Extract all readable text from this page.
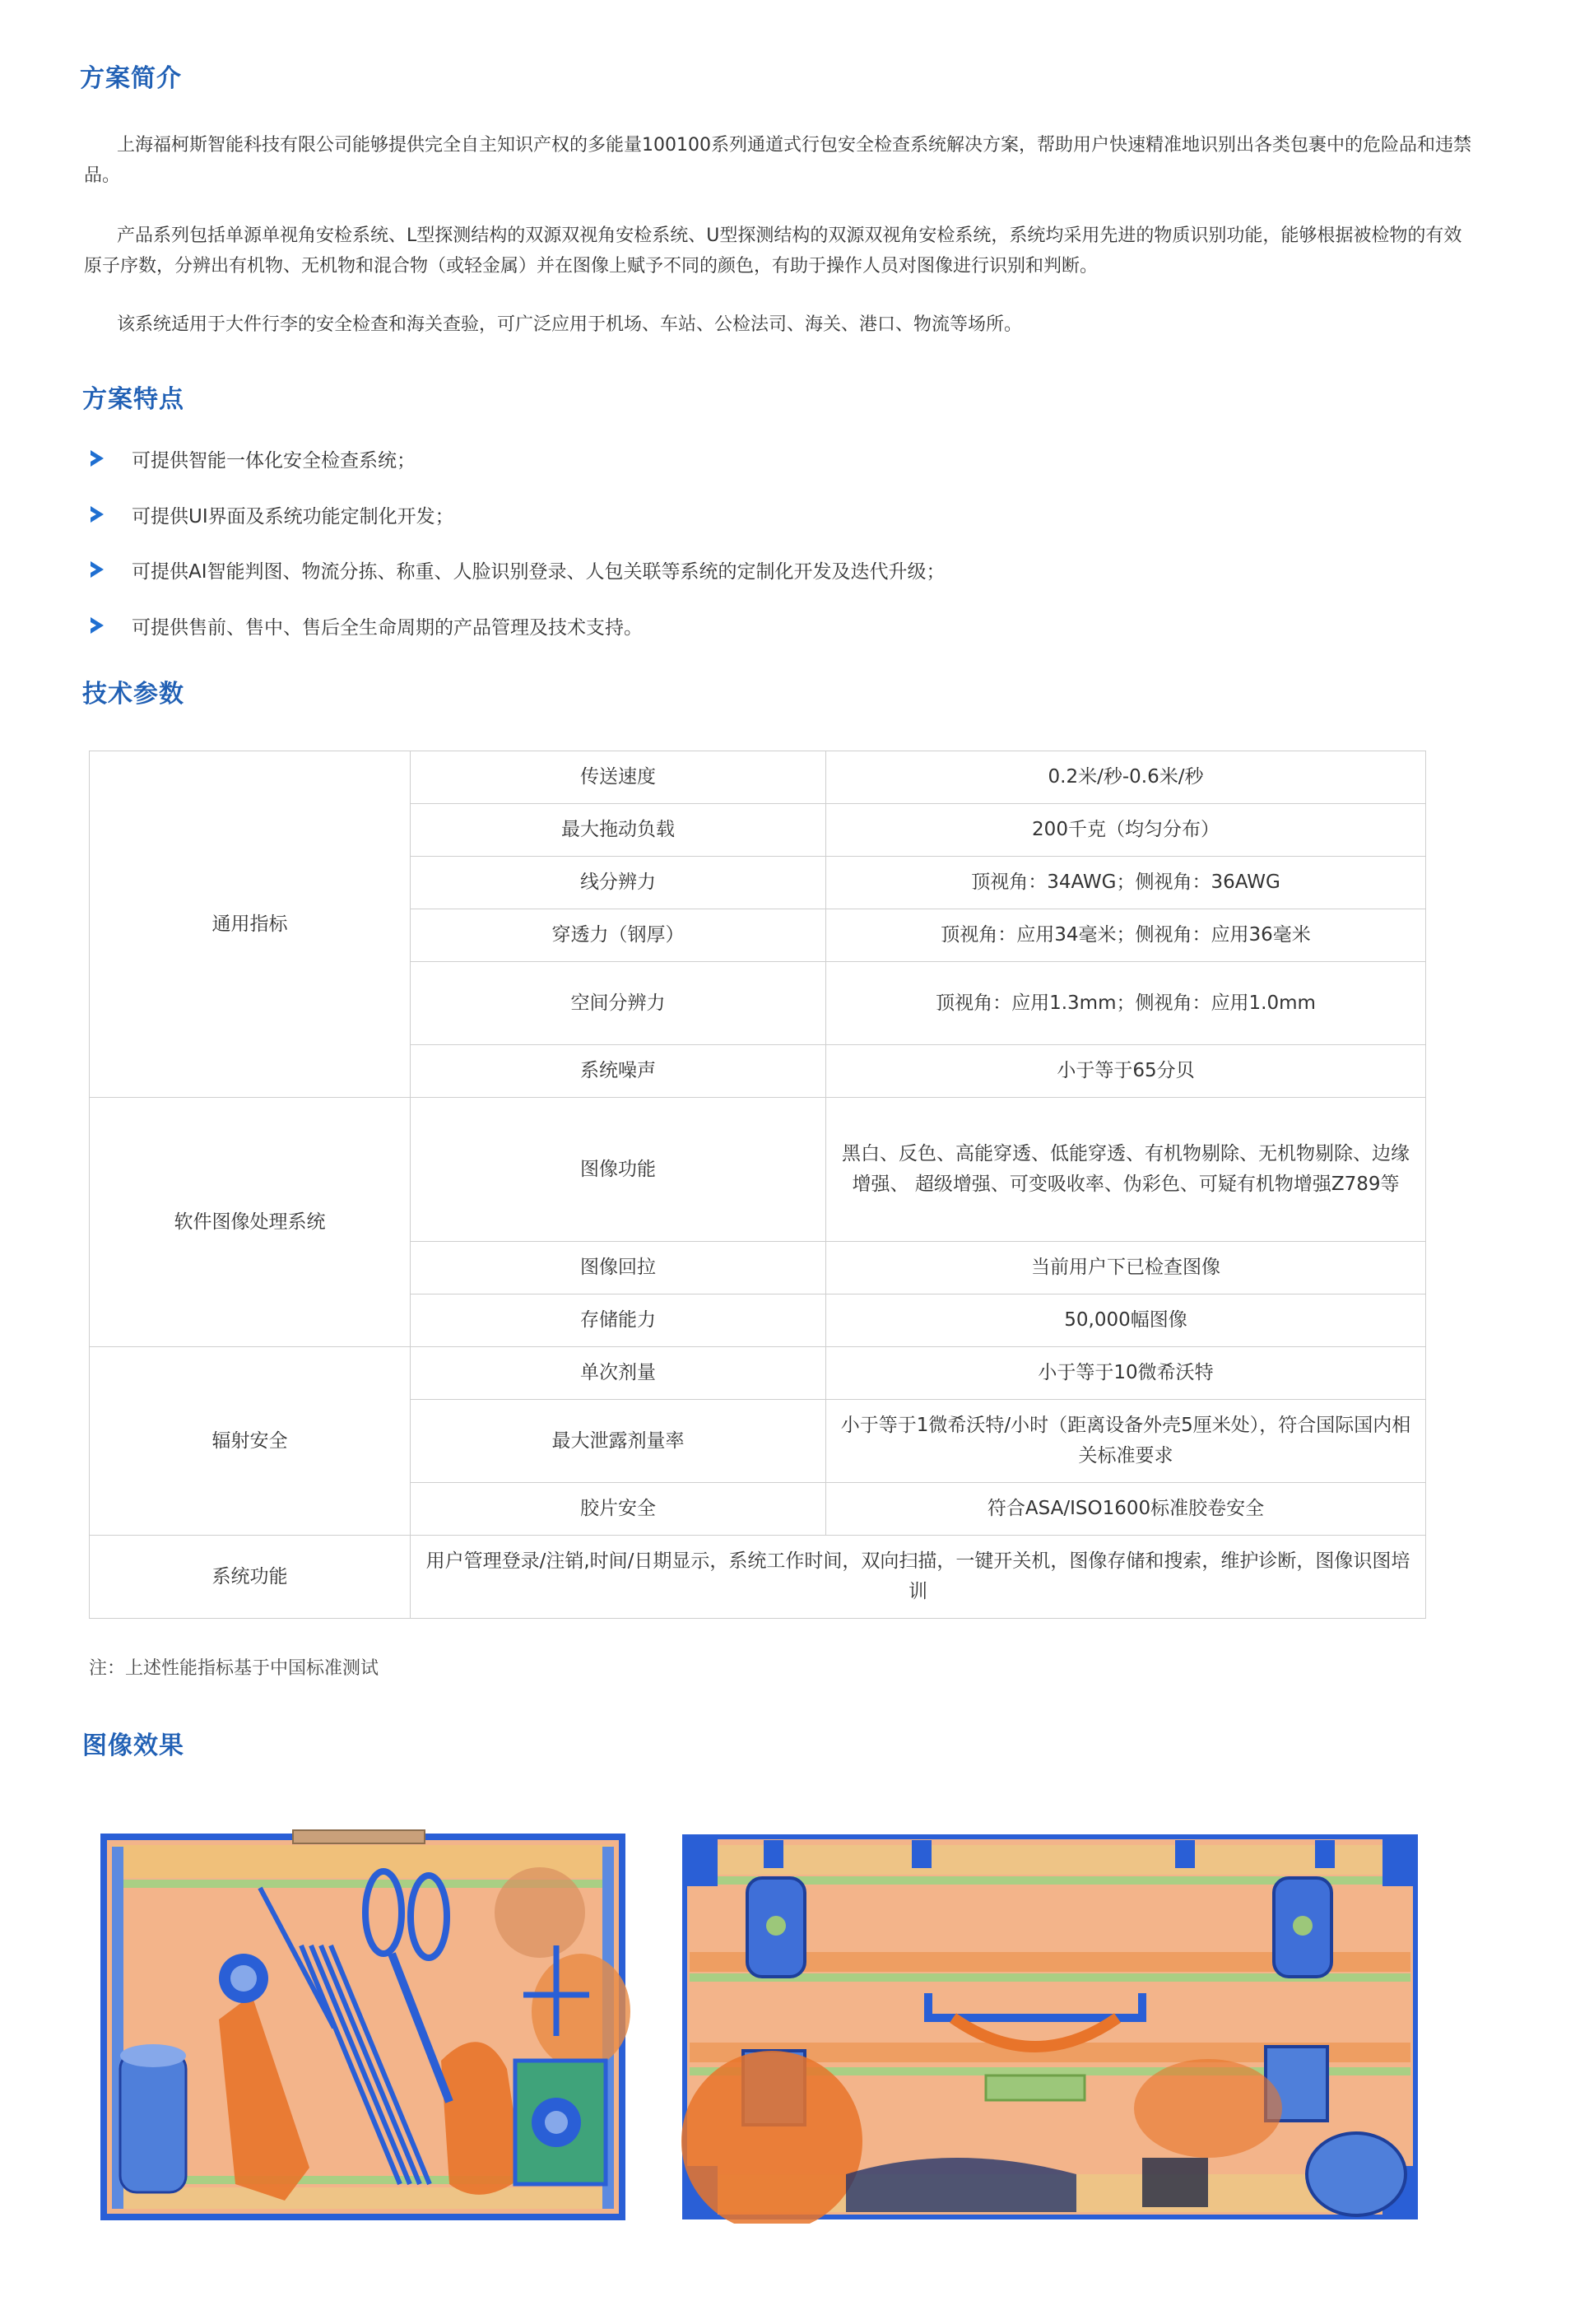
方案简介

上海福柯斯智能科技有限公司能够提供完全自主知识产权的多能量100100系列通道式行包安全检查系统解决方案，帮助用户快速精准地识别出各类包裹中的危险品和违禁品。

产品系列包括单源单视角安检系统、L型探测结构的双源双视角安检系统、U型探测结构的双源双视角安检系统，系统均采用先进的物质识别功能，能够根据被检物的有效原子序数，分辨出有机物、无机物和混合物（或轻金属）并在图像上赋予不同的颜色，有助于操作人员对图像进行识别和判断。

该系统适用于大件行李的安全检查和海关查验，可广泛应用于机场、车站、公检法司、海关、港口、物流等场所。

方案特点
可提供智能一体化安全检查系统；
可提供UI界面及系统功能定制化开发；
可提供AI智能判图、物流分拣、称重、人脸识别登录、人包关联等系统的定制化开发及迭代升级；
可提供售前、售中、售后全生命周期的产品管理及技术支持。
技术参数
通用指标	传送速度	0.2米/秒-0.6米/秒
	最大拖动负载	200千克（均匀分布）
	线分辨力	顶视角：34AWG；侧视角：36AWG
	穿透力（钢厚）	顶视角：应用34毫米；侧视角：应用36毫米
	空间分辨力	顶视角：应用1.3mm；侧视角：应用1.0mm
	系统噪声	小于等于65分贝
软件图像处理系统	图像功能	黑白、反色、高能穿透、低能穿透、有机物剔除、无机物剔除、边缘增强、 超级增强、可变吸收率、伪彩色、可疑有机物增强Z789等
	图像回拉	当前用户下已检查图像
	存储能力	50,000幅图像
辐射安全	单次剂量	小于等于10微希沃特
	最大泄露剂量率	小于等于1微希沃特/小时（距离设备外壳5厘米处），符合国际国内相关标准要求
	胶片安全	符合ASA/ISO1600标准胶卷安全
系统功能	用户管理登录/注销,时间/日期显示，系统工作时间，双向扫描，一键开关机，图像存储和搜索，维护诊断，图像识图培训	
注：上述性能指标基于中国标准测试
图像效果
